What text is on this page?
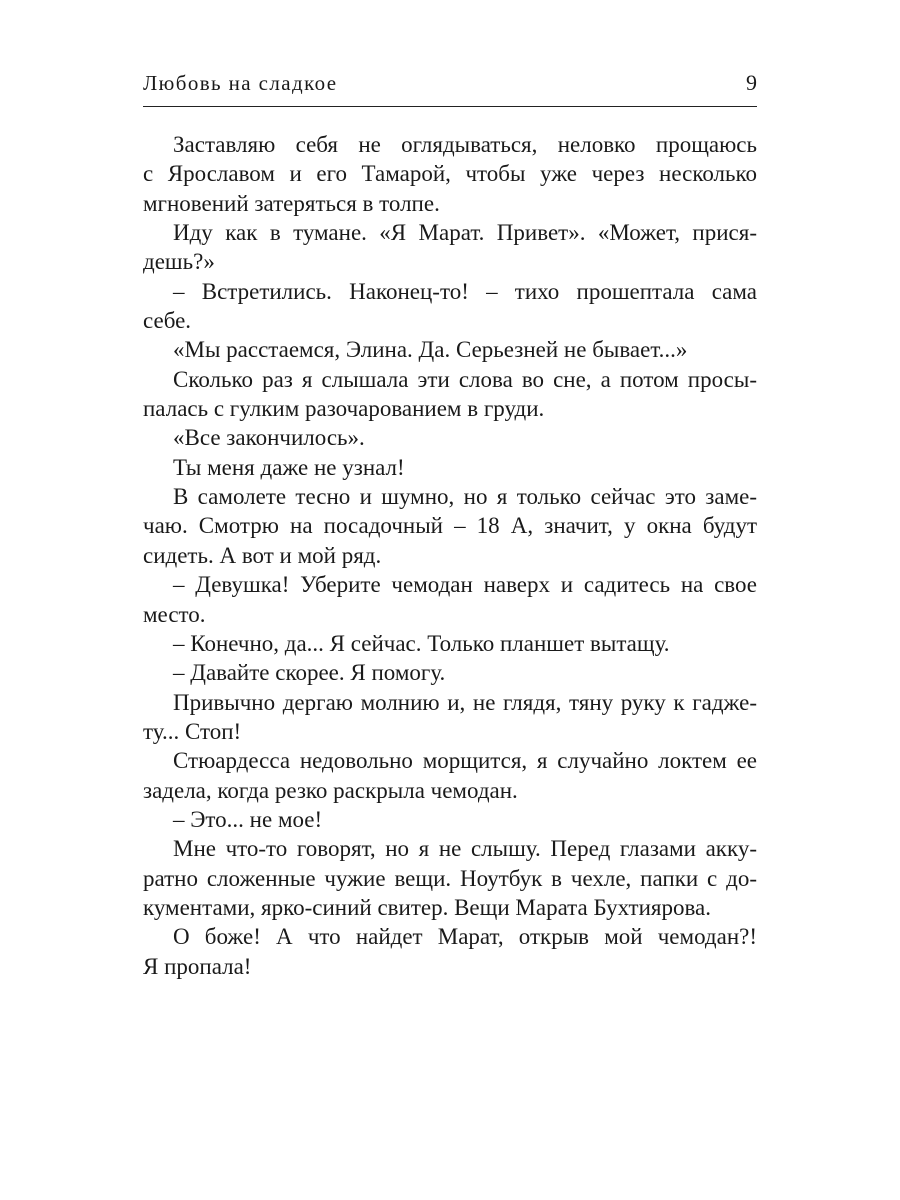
Любовь на сладкое	9
Заставляю себя не оглядываться, неловко прощаюсь
с Ярославом и его Тамарой, чтобы уже через несколько
мгновений затеряться в толпе.
Иду как в тумане. «Я Марат. Привет». «Может, прися-
дешь?»
– Встретились. Наконец-то! – тихо прошептала сама
себе.
«Мы расстаемся, Элина. Да. Серьезней не бывает...»
Сколько раз я слышала эти слова во сне, а потом просы-
палась с гулким разочарованием в груди.
«Все закончилось».
Ты меня даже не узнал!
В самолете тесно и шумно, но я только сейчас это заме-
чаю. Смотрю на посадочный – 18 А, значит, у окна будут
сидеть. А вот и мой ряд.
– Девушка! Уберите чемодан наверх и садитесь на свое
место.
– Конечно, да... Я сейчас. Только планшет вытащу.
– Давайте скорее. Я помогу.
Привычно дергаю молнию и, не глядя, тяну руку к гадже-
ту... Стоп!
Стюардесса недовольно морщится, я случайно локтем ее
задела, когда резко раскрыла чемодан.
– Это... не мое!
Мне что-то говорят, но я не слышу. Перед глазами акку-
ратно сложенные чужие вещи. Ноутбук в чехле, папки с до-
кументами, ярко-синий свитер. Вещи Марата Бухтиярова.
О боже! А что найдет Марат, открыв мой чемодан?!
Я пропала!
